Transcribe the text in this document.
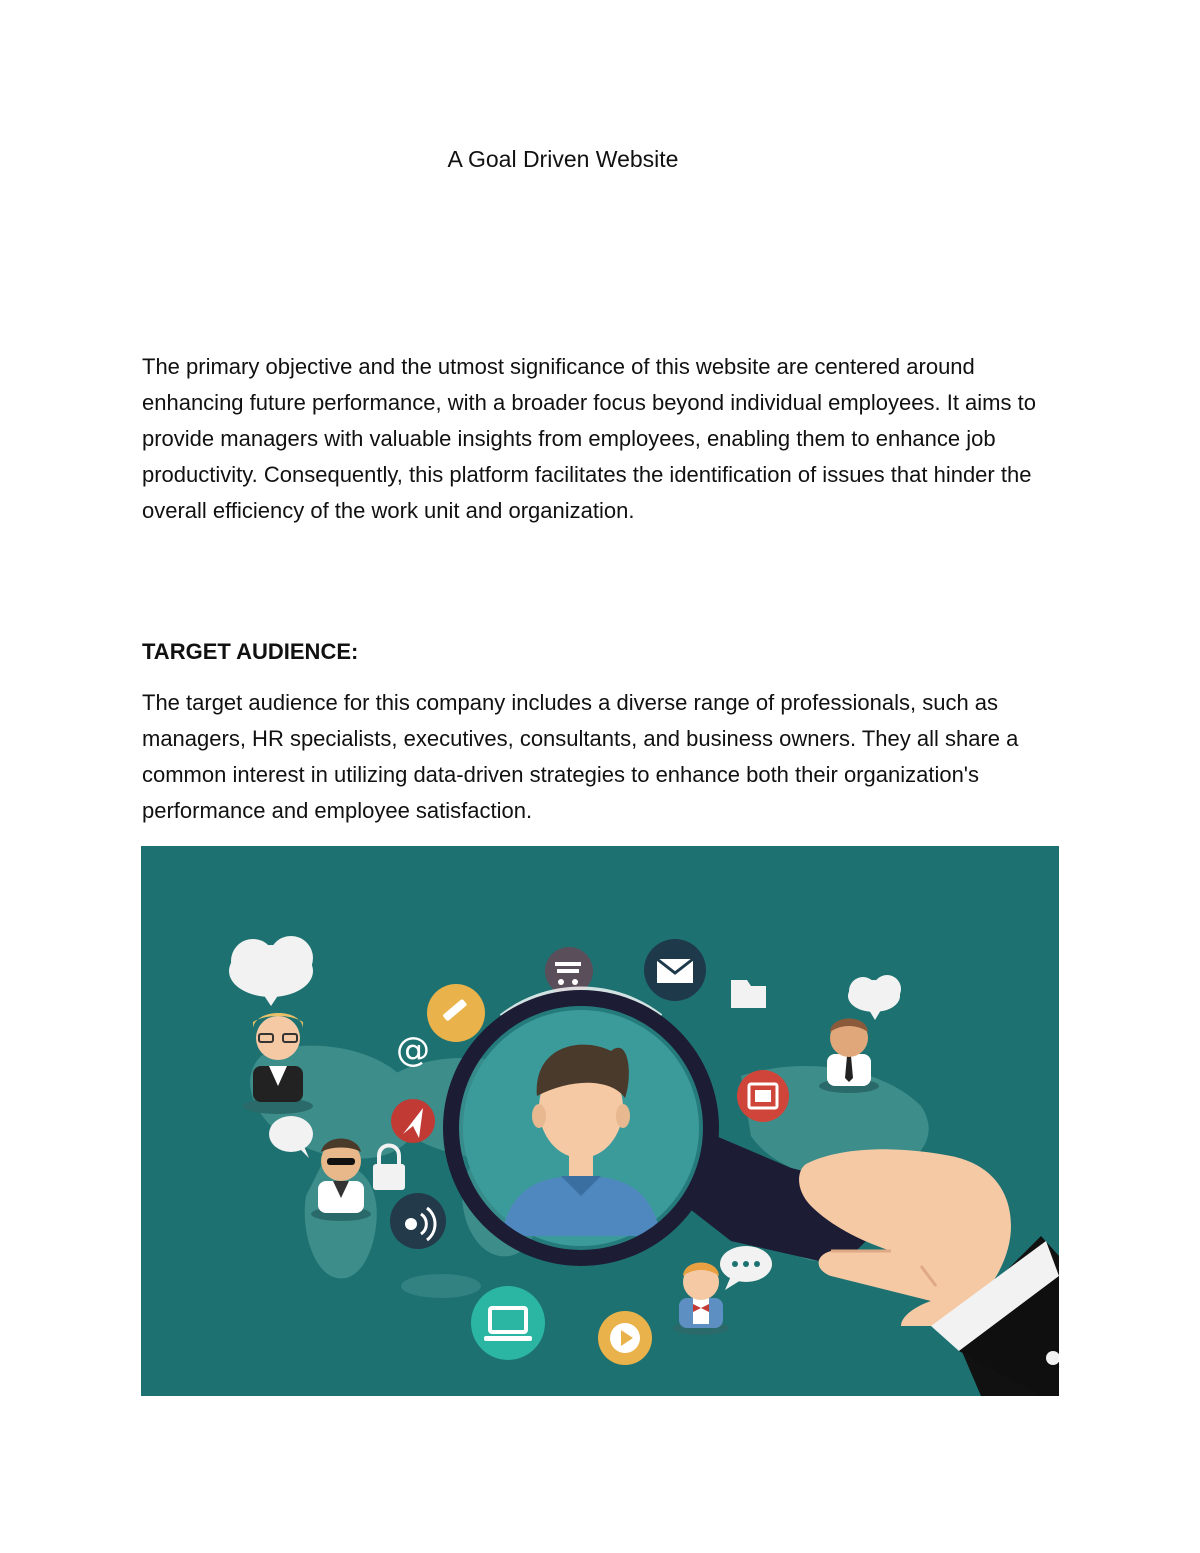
A Goal Driven Website

The primary objective and the utmost significance of this website are centered around enhancing future performance, with a broader focus beyond individual employees. It aims to provide managers with valuable insights from employees, enabling them to enhance job productivity. Consequently, this platform facilitates the identification of issues that hinder the overall efficiency of the work unit and organization.

TARGET AUDIENCE:

The target audience for this company includes a diverse range of professionals, such as managers, HR specialists, executives, consultants, and business owners. They all share a common interest in utilizing data-driven strategies to enhance both their organization's performance and employee satisfaction.

@
